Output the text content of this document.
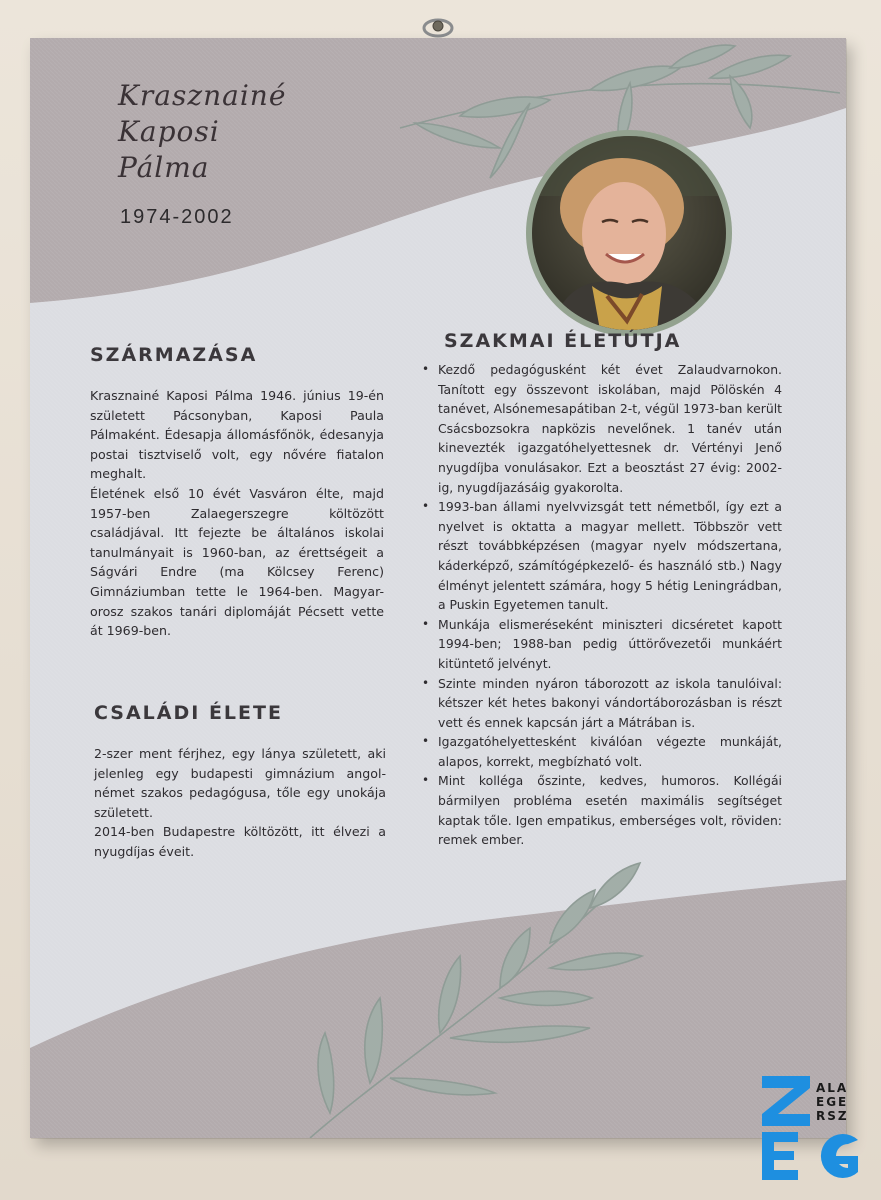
Krasznainé
Kaposi
Pálma
1974-2002
SZÁRMAZÁSA

Krasznainé Kaposi Pálma 1946. június 19-én született Pácsonyban, Kaposi Paula Pálmaként. Édesapja állomásfőnök, édesanyja postai tisztviselő volt, egy nővére fiatalon meghalt.

Életének első 10 évét Vasváron élte, majd 1957-ben Zalaegerszegre költözött családjával. Itt fejezte be általános iskolai tanulmányait is 1960-ban, az érettségeit a Ságvári Endre (ma Kölcsey Ferenc) Gimnáziumban tette le 1964-ben. Magyar-orosz szakos tanári diplomáját Pécsett vette át 1969-ben.

CSALÁDI ÉLETE

2-szer ment férjhez, egy lánya született, aki jelenleg egy budapesti gimnázium angol-német szakos pedagógusa, tőle egy unokája született.

2014-ben Budapestre költözött, itt élvezi a nyugdíjas éveit.

SZAKMAI ÉLETÚTJA
• Kezdő pedagógusként két évet Zalaudvarnokon. Tanított egy összevont iskolában, majd Pölöskén 4 tanévet, Alsónemesapátiban 2-t, végül 1973-ban került Csácsbozsokra napközis nevelőnek. 1 tanév után kinevezték igazgatóhelyettesnek dr. Vértényi Jenő nyugdíjba vonulásakor. Ezt a beosztást 27 évig: 2002-ig, nyugdíjazásáig gyakorolta.
• 1993-ban állami nyelvvizsgát tett németből, így ezt a nyelvet is oktatta a magyar mellett. Többször vett részt továbbképzésen (magyar nyelv módszertana, káderképző, számítógépkezelő- és használó stb.) Nagy élményt jelentett számára, hogy 5 hétig Leningrádban, a Puskin Egyetemen tanult.
• Munkája elismeréseként miniszteri dicséretet kapott 1994-ben; 1988-ban pedig úttörővezetői munkáért kitüntető jelvényt.
• Szinte minden nyáron táborozott az iskola tanulóival: kétszer két hetes bakonyi vándortáborozásban is részt vett és ennek kapcsán járt a Mátrában is.
• Igazgatóhelyettesként kiválóan végezte munkáját, alapos, korrekt, megbízható volt.
• Mint kollégа őszinte, kedves, humoros. Kollégái bármilyen probléma esetén maximális segítséget kaptak tőle. Igen empatikus, emberséges volt, röviden: remek ember.
ALA
EGE
RSZ
